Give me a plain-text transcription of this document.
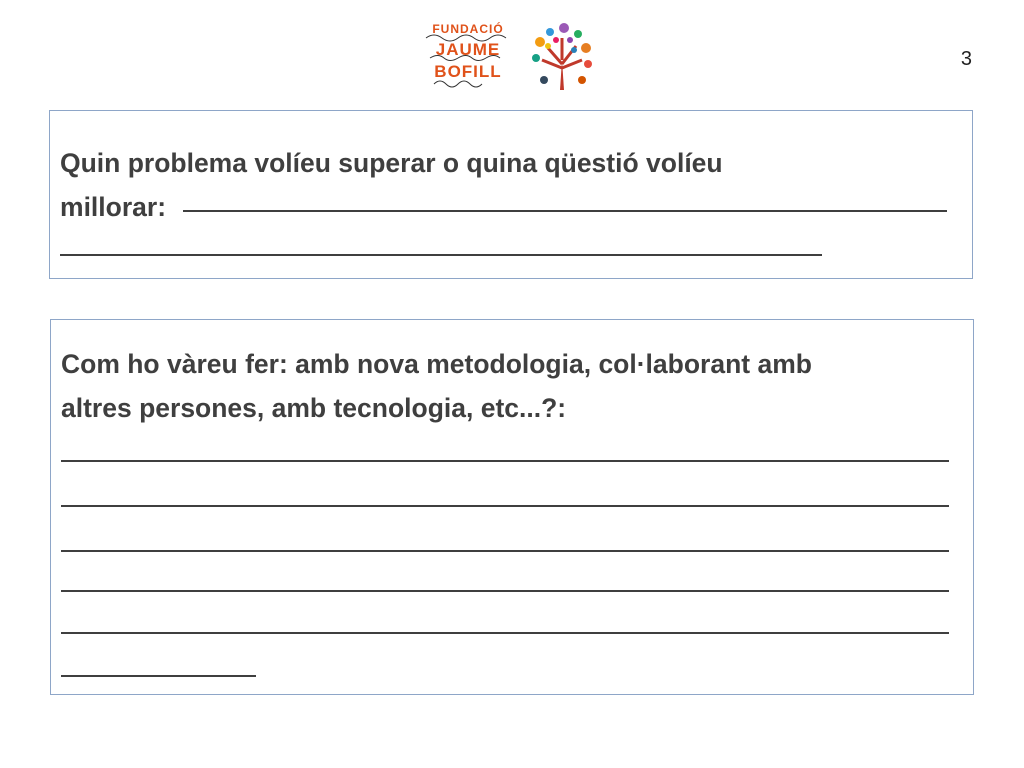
3
FUNDACIÓ
JAUME
BOFILL
Quin problema volíeu superar o quina qüestió volíeu
millorar:
Com ho vàreu fer: amb nova metodologia, col·laborant amb
altres persones, amb tecnologia, etc...?:
